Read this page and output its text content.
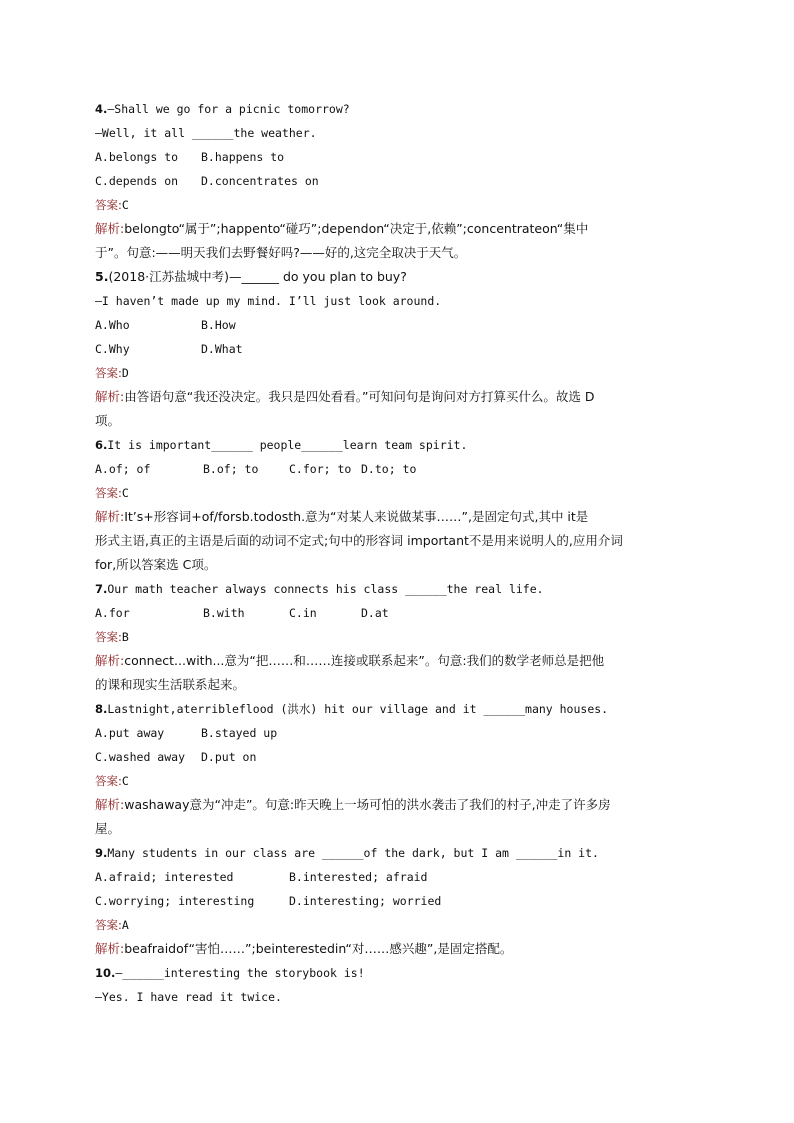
4.—Shall we go for a picnic tomorrow?
—Well, it all ______the weather.
A.belongs to B.happens to
C.depends on D.concentrates on
答案:C
解析:belongto“属于”;happento“碰巧”;dependon“决定于,依赖”;concentrateon“集中
于”。句意:——明天我们去野餐好吗?——好的,这完全取决于天气。
5.(2018·江苏盐城中考)—______ do you plan to buy?
—I haven’t made up my mind. I’ll just look around.
A.Who	B.How
C.Why	D.What
答案:D
解析:由答语句意“我还没决定。我只是四处看看。”可知问句是询问对方打算买什么。故选 D
项。
6.It is important______ people______learn team spirit.
A.of; of	B.of; to	C.for; to D.to; to
答案:C
解析:It’s+形容词+of/forsb.todosth.意为“对某人来说做某事……”,是固定句式,其中 it是
形式主语,真正的主语是后面的动词不定式;句中的形容词 important不是用来说明人的,应用介词
for,所以答案选 C项。
7.Our math teacher always connects his class ______the real life.
A.for	B.with	C.in	D.at
答案:B
解析:connect...with...意为“把……和……连接或联系起来”。句意:我们的数学老师总是把他
的课和现实生活联系起来。
8.Lastnight,aterribleflood (洪水) hit our village and it ______many houses.
A.put away	B.stayed up
C.washed away D.put on
答案:C
解析:washaway意为“冲走”。句意:昨天晚上一场可怕的洪水袭击了我们的村子,冲走了许多房
屋。
9.Many students in our class are ______of the dark, but I am ______in it.
A.afraid; interested	B.interested; afraid
C.worrying; interesting	D.interesting; worried
答案:A
解析:beafraidof“害怕……”;beinterestedin“对……感兴趣”,是固定搭配。
10.—______interesting the storybook is!
—Yes. I have read it twice.
